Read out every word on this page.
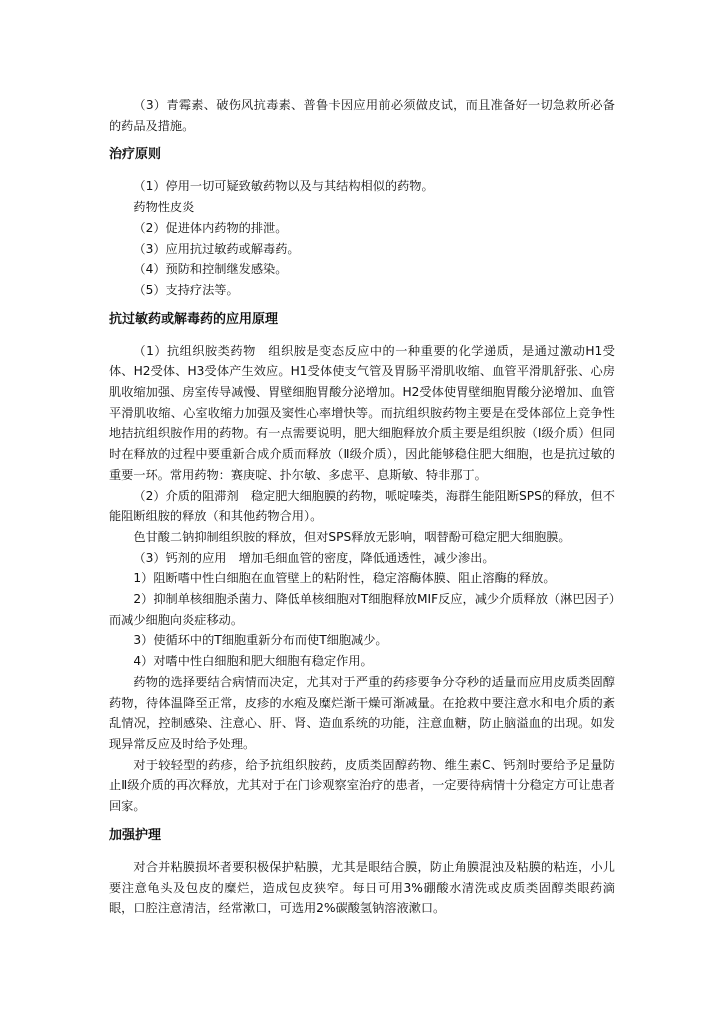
（3）青霉素、破伤风抗毒素、普鲁卡因应用前必须做皮试，而且准备好一切急救所必备的药品及措施。

治疗原则

（1）停用一切可疑致敏药物以及与其结构相似的药物。

药物性皮炎

（2）促进体内药物的排泄。

（3）应用抗过敏药或解毒药。

（4）预防和控制继发感染。

（5）支持疗法等。

抗过敏药或解毒药的应用原理

（1）抗组织胺类药物　组织胺是变态反应中的一种重要的化学递质，是通过激动H1受体、H2受体、H3受体产生效应。H1受体使支气管及胃肠平滑肌收缩、血管平滑肌舒张、心房肌收缩加强、房室传导减慢、胃壁细胞胃酸分泌增加。H2受体使胃壁细胞胃酸分泌增加、血管平滑肌收缩、心室收缩力加强及窦性心率增快等。而抗组织胺药物主要是在受体部位上竞争性地拮抗组织胺作用的药物。有一点需要说明，肥大细胞释放介质主要是组织胺（Ⅰ级介质）但同时在释放的过程中要重新合成介质而释放（Ⅱ级介质），因此能够稳住肥大细胞，也是抗过敏的重要一环。常用药物：赛庚啶、扑尔敏、多虑平、息斯敏、特非那丁。

（2）介质的阻滞剂　稳定肥大细胞膜的药物，哌啶嗪类，海群生能阻断SPS的释放，但不能阻断组胺的释放（和其他药物合用）。

色甘酸二钠抑制组织胺的释放，但对SPS释放无影响，咽替酚可稳定肥大细胞膜。

（3）钙剂的应用　增加毛细血管的密度，降低通透性，减少渗出。

1）阻断嗜中性白细胞在血管壁上的粘附性，稳定溶酶体膜、阻止溶酶的释放。

2）抑制单核细胞杀菌力、降低单核细胞对T细胞释放MIF反应，减少介质释放（淋巴因子）而减少细胞向炎症移动。

3）使循环中的T细胞重新分布而使T细胞减少。

4）对嗜中性白细胞和肥大细胞有稳定作用。

药物的选择要结合病情而决定，尤其对于严重的药疹要争分夺秒的适量而应用皮质类固醇药物，待体温降至正常，皮疹的水疱及糜烂渐干燥可渐减量。在抢救中要注意水和电介质的紊乱情况，控制感染、注意心、肝、肾、造血系统的功能，注意血糖，防止脑溢血的出现。如发现异常反应及时给予处理。

对于较轻型的药疹，给予抗组织胺药，皮质类固醇药物、维生素C、钙剂时要给予足量防止Ⅱ级介质的再次释放，尤其对于在门诊观察室治疗的患者，一定要待病情十分稳定方可让患者回家。

加强护理

对合并粘膜损坏者要积极保护粘膜，尤其是眼结合膜，防止角膜混浊及粘膜的粘连，小儿要注意龟头及包皮的糜烂，造成包皮狭窄。每日可用3%硼酸水清洗或皮质类固醇类眼药滴眼，口腔注意清洁，经常漱口，可选用2%碳酸氢钠溶液漱口。
